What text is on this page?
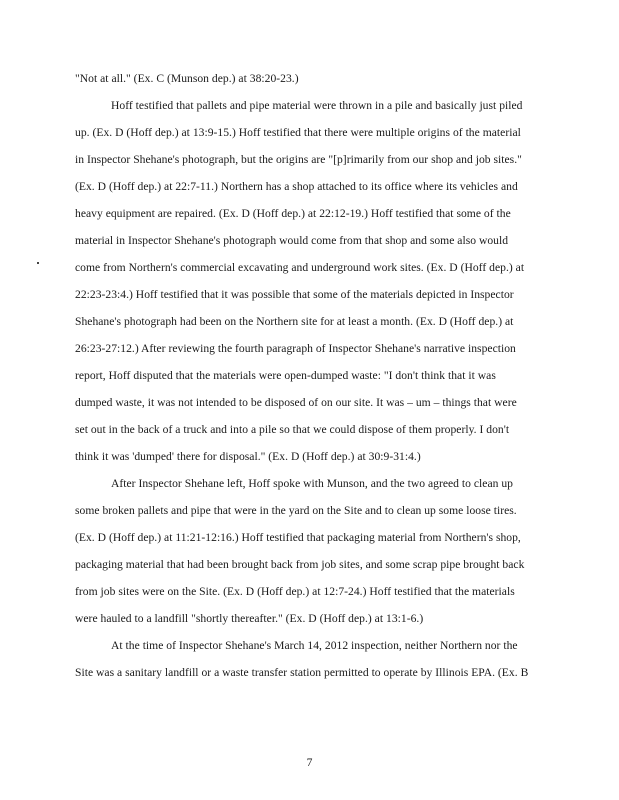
"Not at all." (Ex. C (Munson dep.) at 38:20-23.)
Hoff testified that pallets and pipe material were thrown in a pile and basically just piled
up. (Ex. D (Hoff dep.) at 13:9-15.) Hoff testified that there were multiple origins of the material
in Inspector Shehane's photograph, but the origins are "[p]rimarily from our shop and job sites."
(Ex. D (Hoff dep.) at 22:7-11.) Northern has a shop attached to its office where its vehicles and
heavy equipment are repaired. (Ex. D (Hoff dep.) at 22:12-19.) Hoff testified that some of the
material in Inspector Shehane's photograph would come from that shop and some also would
come from Northern's commercial excavating and underground work sites. (Ex. D (Hoff dep.) at
22:23-23:4.) Hoff testified that it was possible that some of the materials depicted in Inspector
Shehane's photograph had been on the Northern site for at least a month. (Ex. D (Hoff dep.) at
26:23-27:12.) After reviewing the fourth paragraph of Inspector Shehane's narrative inspection
report, Hoff disputed that the materials were open-dumped waste: "I don't think that it was
dumped waste, it was not intended to be disposed of on our site. It was – um – things that were
set out in the back of a truck and into a pile so that we could dispose of them properly. I don't
think it was 'dumped' there for disposal." (Ex. D (Hoff dep.) at 30:9-31:4.)
After Inspector Shehane left, Hoff spoke with Munson, and the two agreed to clean up
some broken pallets and pipe that were in the yard on the Site and to clean up some loose tires.
(Ex. D (Hoff dep.) at 11:21-12:16.) Hoff testified that packaging material from Northern's shop,
packaging material that had been brought back from job sites, and some scrap pipe brought back
from job sites were on the Site. (Ex. D (Hoff dep.) at 12:7-24.) Hoff testified that the materials
were hauled to a landfill "shortly thereafter." (Ex. D (Hoff dep.) at 13:1-6.)
At the time of Inspector Shehane's March 14, 2012 inspection, neither Northern nor the
Site was a sanitary landfill or a waste transfer station permitted to operate by Illinois EPA. (Ex. B
7
